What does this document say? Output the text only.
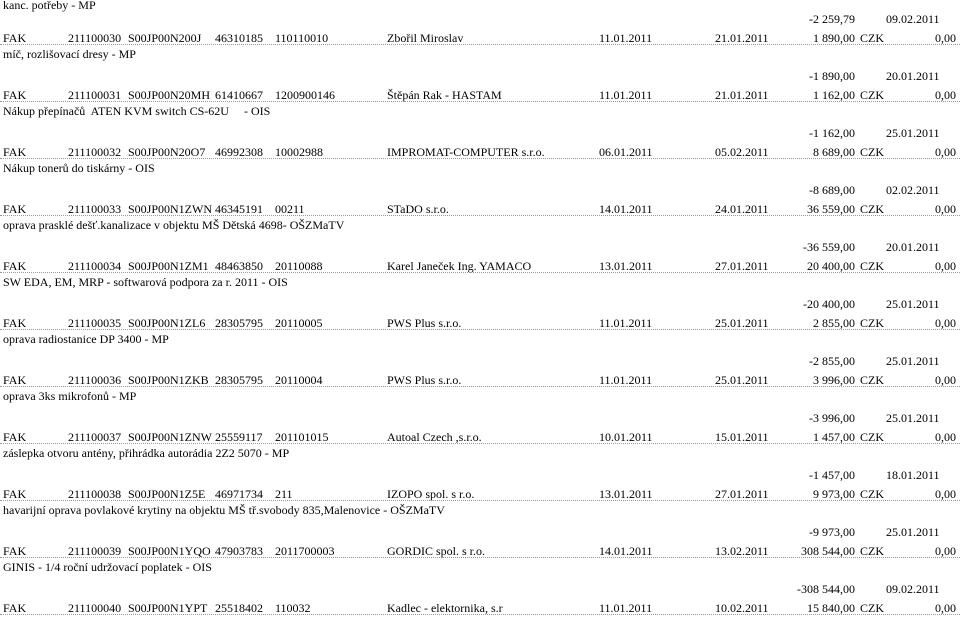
kanc. potřeby - MP
-2 259,79	09.02.2011
FAK	211100030 S00JP00N200J 46310185 110110010	Zbořil Miroslav	11.01.2011	21.01.2011	1 890,00 CZK	0,00
míč, rozlišovací dresy - MP
-1 890,00	20.01.2011
FAK	211100031 S00JP00N20MH 61410667 1200900146	Štěpán Rak - HASTAM	11.01.2011	21.01.2011	1 162,00 CZK	0,00
Nákup přepínačů  ATEN KVM switch CS-62U     - OIS
-1 162,00	25.01.2011
FAK	211100032 S00JP00N20O7 46992308 10002988	IMPROMAT-COMPUTER s.r.o.	06.01.2011	05.02.2011	8 689,00 CZK	0,00
Nákup tonerů do tiskárny - OIS
-8 689,00	02.02.2011
FAK	211100033 S00JP00N1ZWN 46345191 00211	STaDO s.r.o.	14.01.2011	24.01.2011	36 559,00 CZK	0,00
oprava prasklé dešť.kanalizace v objektu MŠ Dětská 4698- OŠZMaTV
-36 559,00	20.01.2011
FAK	211100034 S00JP00N1ZM1 48463850 20110088	Karel Janeček Ing. YAMACO	13.01.2011	27.01.2011	20 400,00 CZK	0,00
SW EDA, EM, MRP - softwarová podpora za r. 2011 - OIS
-20 400,00	25.01.2011
FAK	211100035 S00JP00N1ZL6 28305795 20110005	PWS Plus s.r.o.	11.01.2011	25.01.2011	2 855,00 CZK	0,00
oprava radiostanice DP 3400 - MP
-2 855,00	25.01.2011
FAK	211100036 S00JP00N1ZKB 28305795 20110004	PWS Plus s.r.o.	11.01.2011	25.01.2011	3 996,00 CZK	0,00
oprava 3ks mikrofonů - MP
-3 996,00	25.01.2011
FAK	211100037 S00JP00N1ZNW 25559117 201101015	Autoal Czech ,s.r.o.	10.01.2011	15.01.2011	1 457,00 CZK	0,00
záslepka otvoru antény, přihrádka autorádia 2Z2 5070 - MP
-1 457,00	18.01.2011
FAK	211100038 S00JP00N1Z5E 46971734 211	IZOPO spol. s r.o.	13.01.2011	27.01.2011	9 973,00 CZK	0,00
havarijní oprava povlakové krytiny na objektu MŠ tř.svobody 835,Malenovice - OŠZMaTV
-9 973,00	25.01.2011
FAK	211100039 S00JP00N1YQO 47903783 2011700003	GORDIC spol. s r.o.	14.01.2011	13.02.2011	308 544,00 CZK	0,00
GINIS - 1/4 roční udržovací poplatek - OIS
-308 544,00	09.02.2011
FAK	211100040 S00JP00N1YPT 25518402 110032	Kadlec - elektornika, s.r	11.01.2011	10.02.2011	15 840,00 CZK	0,00
